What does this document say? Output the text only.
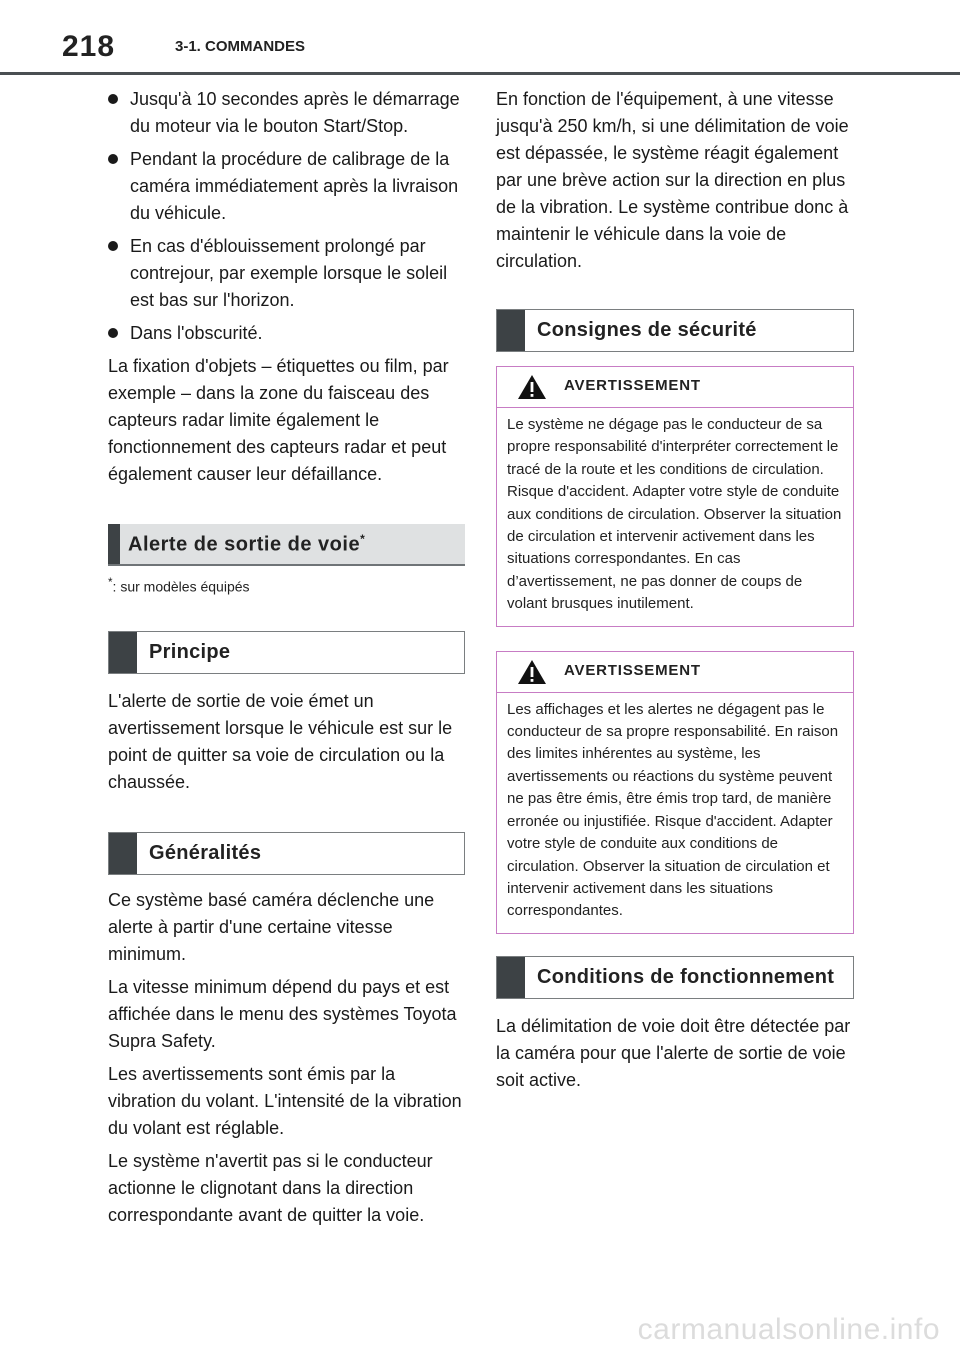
218	3-1. COMMANDES
Jusqu'à 10 secondes après le démarrage du moteur via le bouton Start/Stop.
Pendant la procédure de calibrage de la caméra immédiatement après la livraison du véhicule.
En cas d'éblouissement prolongé par contrejour, par exemple lorsque le soleil est bas sur l'horizon.
Dans l'obscurité.

La fixation d'objets – étiquettes ou film, par exemple – dans la zone du faisceau des capteurs radar limite également le fonctionnement des capteurs radar et peut également causer leur défaillance.

Alerte de sortie de voie*
*: sur modèles équipés
Principe

L'alerte de sortie de voie émet un avertissement lorsque le véhicule est sur le point de quitter sa voie de circulation ou la chaussée.

Généralités

Ce système basé caméra déclenche une alerte à partir d'une certaine vitesse minimum.

La vitesse minimum dépend du pays et est affichée dans le menu des systèmes Toyota Supra Safety.

Les avertissements sont émis par la vibration du volant. L'intensité de la vibration du volant est réglable.

Le système n'avertit pas si le conducteur actionne le clignotant dans la direction correspondante avant de quitter la voie.

En fonction de l'équipement, à une vitesse jusqu'à 250 km/h, si une délimitation de voie est dépassée, le système réagit également par une brève action sur la direction en plus de la vibration. Le système contribue donc à maintenir le véhicule dans la voie de circulation.

Consignes de sécurité
AVERTISSEMENT
Le système ne dégage pas le conducteur de sa propre responsabilité d'interpréter correctement le tracé de la route et les conditions de circulation. Risque d'accident. Adapter votre style de conduite aux conditions de circulation. Observer la situation de circulation et intervenir activement dans les situations correspondantes. En cas d’avertissement, ne pas donner de coups de volant brusques inutilement.
AVERTISSEMENT
Les affichages et les alertes ne dégagent pas le conducteur de sa propre responsabilité. En raison des limites inhérentes au système, les avertissements ou réactions du système peuvent ne pas être émis, être émis trop tard, de manière erronée ou injustifiée. Risque d'accident. Adapter votre style de conduite aux conditions de circulation. Observer la situation de circulation et intervenir activement dans les situations correspondantes.
Conditions de fonctionnement

La délimitation de voie doit être détectée par la caméra pour que l'alerte de sortie de voie soit active.

carmanualsonline.info
